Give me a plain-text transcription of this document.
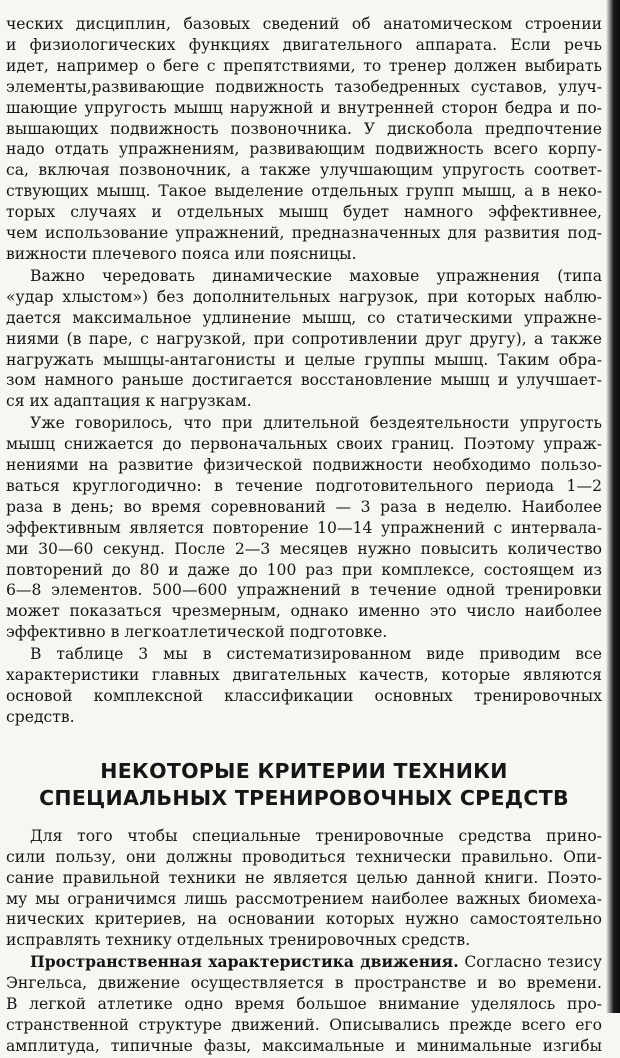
ческих дисциплин, базовых сведений об анатомическом строении

и физиологических функциях двигательного аппарата. Если речь

идет, например о беге с препятствиями, то тренер должен выбирать

элементы,развивающие подвижность тазобедренных суставов, улуч-

шающие упругость мышц наружной и внутренней сторон бедра и по-

вышающих подвижность позвоночника. У дискобола предпочтение

надо отдать упражнениям, развивающим подвижность всего корпу-

са, включая позвоночник, а также улучшающим упругость соответ-

ствующих мышц. Такое выделение отдельных групп мышц, а в неко-

торых случаях и отдельных мышц будет намного эффективнее,

чем использование упражнений, предназначенных для развития под-

вижности плечевого пояса или поясницы.

Важно чередовать динамические маховые упражнения (типа

«удар хлыстом») без дополнительных нагрузок, при которых наблю-

дается максимальное удлинение мышц, со статическими упражне-

ниями (в паре, с нагрузкой, при сопротивлении друг другу), а также

нагружать мышцы-антагонисты и целые группы мышц. Таким обра-

зом намного раньше достигается восстановление мышц и улучшает-

ся их адаптация к нагрузкам.

Уже говорилось, что при длительной бездеятельности упругость

мышц снижается до первоначальных своих границ. Поэтому упраж-

нениями на развитие физической подвижности необходимо пользо-

ваться круглогодично: в течение подготовительного периода 1—2

раза в день; во время соревнований — 3 раза в неделю. Наиболее

эффективным является повторение 10—14 упражнений с интервала-

ми 30—60 секунд. После 2—3 месяцев нужно повысить количество

повторений до 80 и даже до 100 раз при комплексе, состоящем из

6—8 элементов. 500—600 упражнений в течение одной тренировки

может показаться чрезмерным, однако именно это число наиболее

эффективно в легкоатлетической подготовке.

В таблице 3 мы в систематизированном виде приводим все

характеристики главных двигательных качеств, которые являются

основой комплексной классификации основных тренировочных

средств.

НЕКОТОРЫЕ КРИТЕРИИ ТЕХНИКИ

СПЕЦИАЛЬНЫХ ТРЕНИРОВОЧНЫХ СРЕДСТВ

Для того чтобы специальные тренировочные средства прино-

сили пользу, они должны проводиться технически правильно. Опи-

сание правильной техники не является целью данной книги. Поэто-

му мы ограничимся лишь рассмотрением наиболее важных биомеха-

нических критериев, на основании которых нужно самостоятельно

исправлять технику отдельных тренировочных средств.

Пространственная характеристика движения. Согласно тезису

Энгельса, движение осуществляется в пространстве и во времени.

В легкой атлетике одно время большое внимание уделялось про-

странственной структуре движений. Описывались прежде всего его

амплитуда, типичные фазы, максимальные и минимальные изгибы
